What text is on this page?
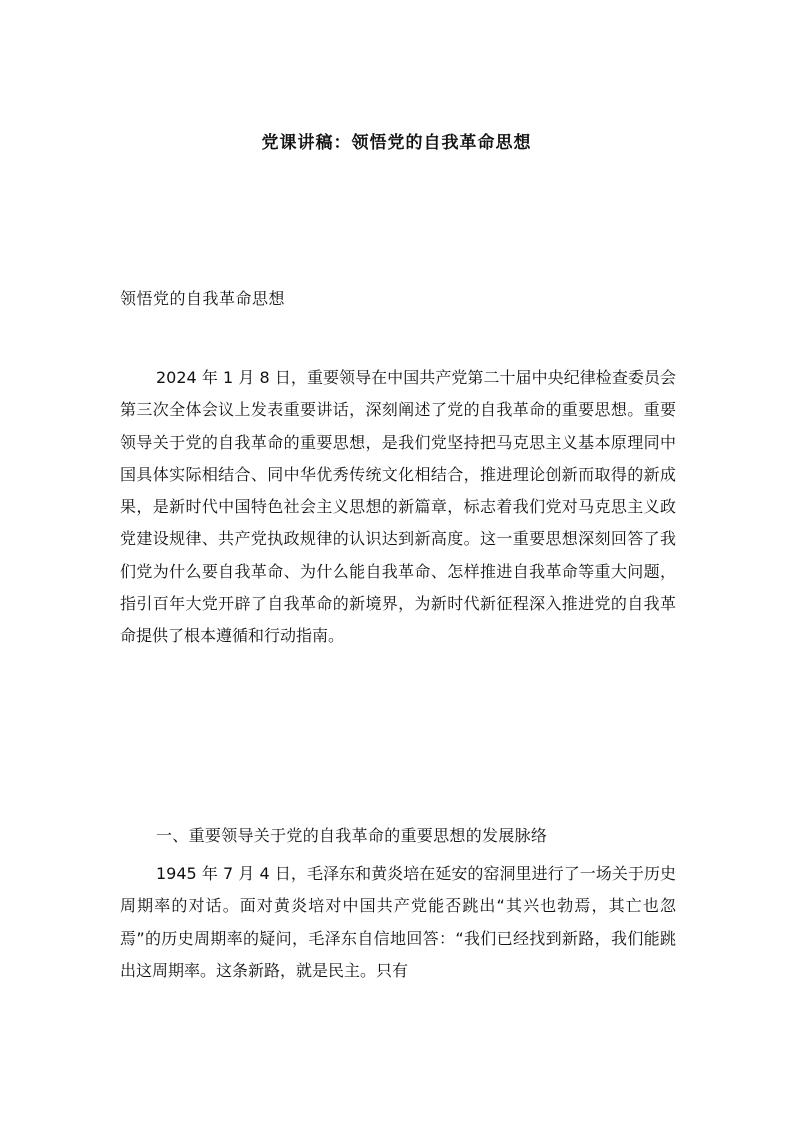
党课讲稿：领悟党的自我革命思想

领悟党的自我革命思想

2024 年 1 月 8 日，重要领导在中国共产党第二十届中央纪律检查委员会第三次全体会议上发表重要讲话，深刻阐述了党的自我革命的重要思想。重要领导关于党的自我革命的重要思想，是我们党坚持把马克思主义基本原理同中国具体实际相结合、同中华优秀传统文化相结合，推进理论创新而取得的新成果，是新时代中国特色社会主义思想的新篇章，标志着我们党对马克思主义政党建设规律、共产党执政规律的认识达到新高度。这一重要思想深刻回答了我们党为什么要自我革命、为什么能自我革命、怎样推进自我革命等重大问题，指引百年大党开辟了自我革命的新境界，为新时代新征程深入推进党的自我革命提供了根本遵循和行动指南。

一、重要领导关于党的自我革命的重要思想的发展脉络

1945 年 7 月 4 日，毛泽东和黄炎培在延安的窑洞里进行了一场关于历史周期率的对话。面对黄炎培对中国共产党能否跳出“其兴也勃焉，其亡也忽焉”的历史周期率的疑问，毛泽东自信地回答：“我们已经找到新路，我们能跳出这周期率。这条新路，就是民主。只有
